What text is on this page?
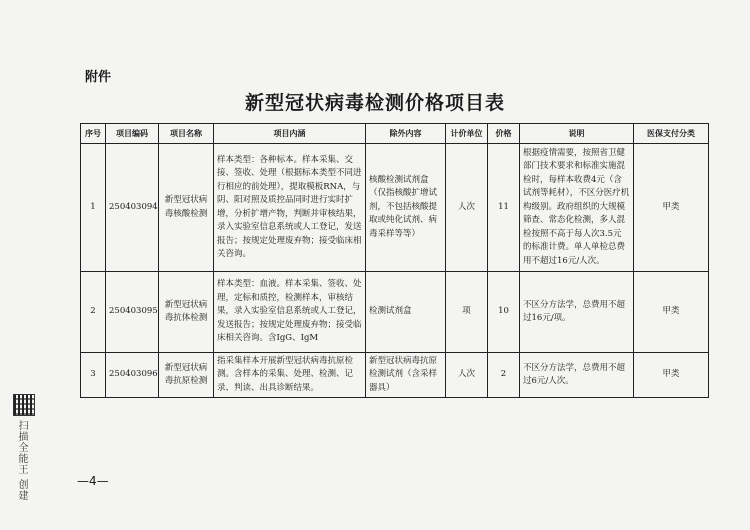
附件
新型冠状病毒检测价格项目表
序号	项目编码	项目名称	项目内涵	除外内容	计价单位	价格	说明	医保支付分类
1	250403094	新型冠状病毒核酸检测	样本类型：各种标本。样本采集、交接、签收、处理（根据标本类型不同进行相应的前处理），提取模板RNA，与阴、阳对照及质控品同时进行实时扩增，分析扩增产物，判断并审核结果，录入实验室信息系统或人工登记，发送报告；按规定处理废弃物；接受临床相关咨询。	核酸检测试剂盒（仅指核酸扩增试剂，不包括核酸提取或纯化试剂、病毒采样等等）	人次	11	根据疫情需要，按照省卫健部门技术要求和标准实施混检时，每样本收费4元（含试剂等耗材），不区分医疗机构级别。政府组织的大规模筛查、常态化检测，多人混检按照不高于每人次3.5元的标准计费。单人单检总费用不超过16元/人次。	甲类
2	250403095	新型冠状病毒抗体检测	样本类型：血液。样本采集、签收、处理，定标和质控，检测样本，审核结果，录入实验室信息系统或人工登记，发送报告；按规定处理废弃物；接受临床相关咨询。含IgG、IgM	检测试剂盒	项	10	不区分方法学，总费用不超过16元/项。	甲类
3	250403096	新型冠状病毒抗原检测	指采集样本开展新型冠状病毒抗原检测。含样本的采集、处理、检测、记录、判读、出具诊断结果。	新型冠状病毒抗原检测试剂（含采样器具）	人次	2	不区分方法学，总费用不超过6元/人次。	甲类
扫描全能王 创建	—4—
